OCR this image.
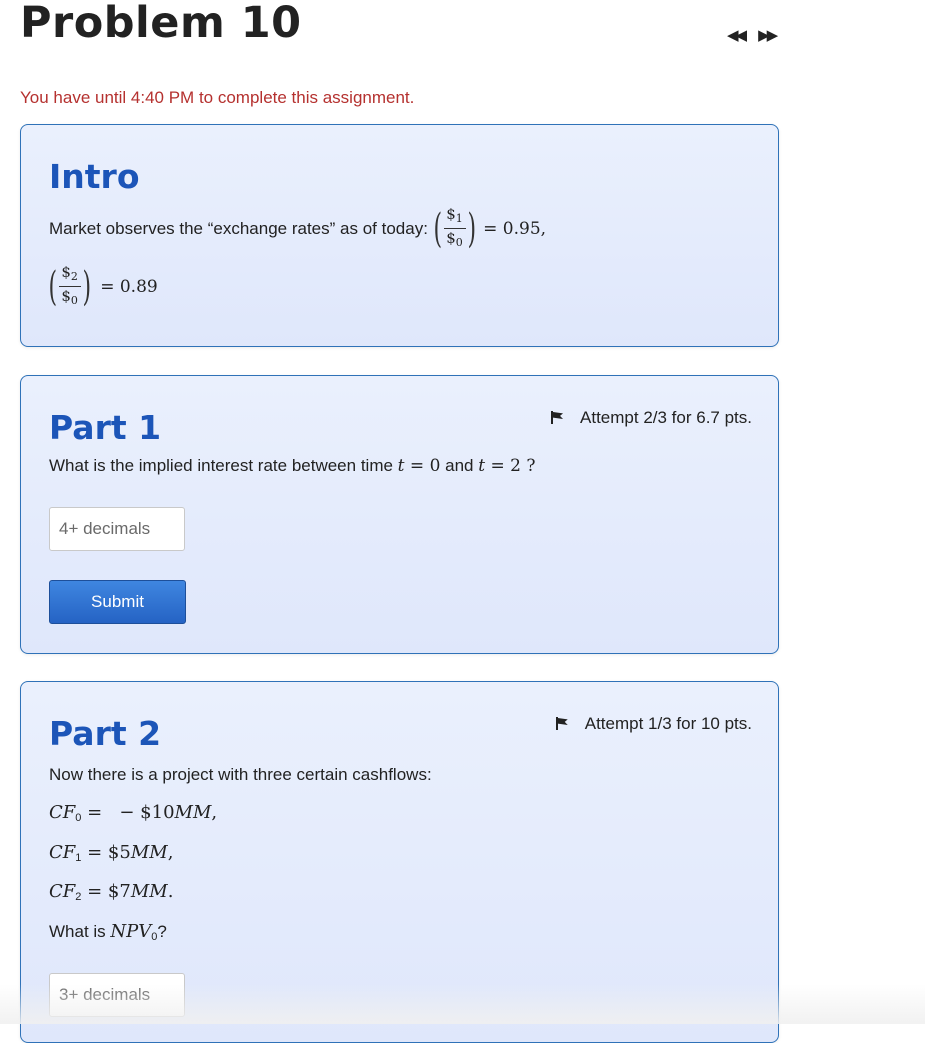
Problem 10	◀◀ ▶▶
You have until 4:40 PM to complete this assignment.
Intro
Market observes the “exchange rates” as of today: ( $\frac{\$_1}{\$_0}$ ) = 0.95,
( $\frac{\$_2}{\$_0}$ ) = 0.89
Attempt 2/3 for 6.7 pts.
Part 1
What is the implied interest rate between time t = 0 and t = 2 ?
4+ decimals
Submit
Attempt 1/3 for 10 pts.
Part 2
Now there is a project with three certain cashflows:
$CF_0$ =   − $10MM,
$CF_1$ = $5MM,
$CF_2$ = $7MM.
What is $NPV_0$?
3+ decimals
